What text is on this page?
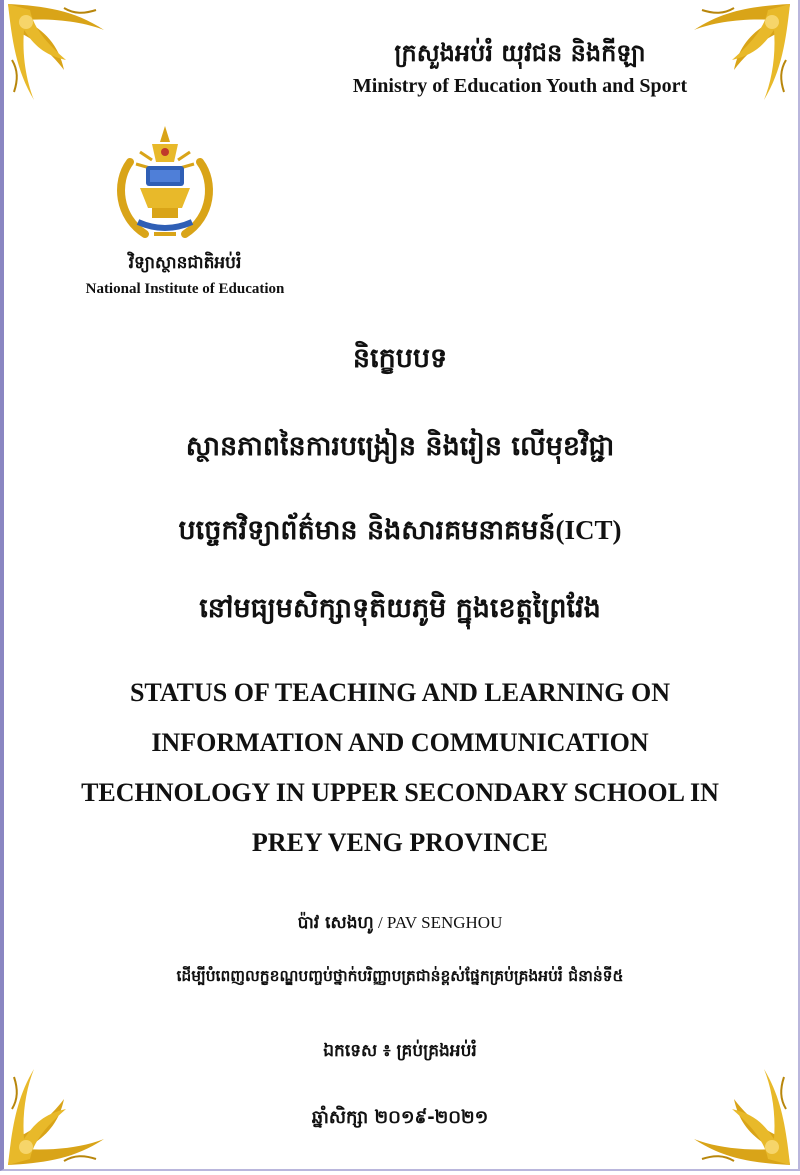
ក្រសួងអប់រំ យុវជន និងកីឡា
Ministry of Education Youth and Sport
វិទ្យាស្ថានជាតិអប់រំ
National Institute of Education
និក្ខេបបទ
ស្ថានភាពនៃការបង្រៀន និងរៀន លើមុខវិជ្ជា
បច្ចេកវិទ្យាព័ត៌មាន និងសារគមនាគមន៍(ICT)
នៅមធ្យមសិក្សាទុតិយភូមិ ក្នុងខេត្តព្រៃវែង
STATUS OF TEACHING AND LEARNING ON
INFORMATION AND COMMUNICATION
TECHNOLOGY IN UPPER SECONDARY SCHOOL IN
PREY VENG PROVINCE
ប៉ាវ សេងហូ / PAV SENGHOU
ដើម្បីបំពេញលក្ខខណ្ឌបញ្ចប់ថ្នាក់បរិញ្ញាបត្រជាន់ខ្ពស់ផ្នែកគ្រប់គ្រងអប់រំ ជំនាន់ទី៥
ឯកទេស ៖ គ្រប់គ្រងអប់រំ
ឆ្នាំសិក្សា ២០១៩-២០២១
